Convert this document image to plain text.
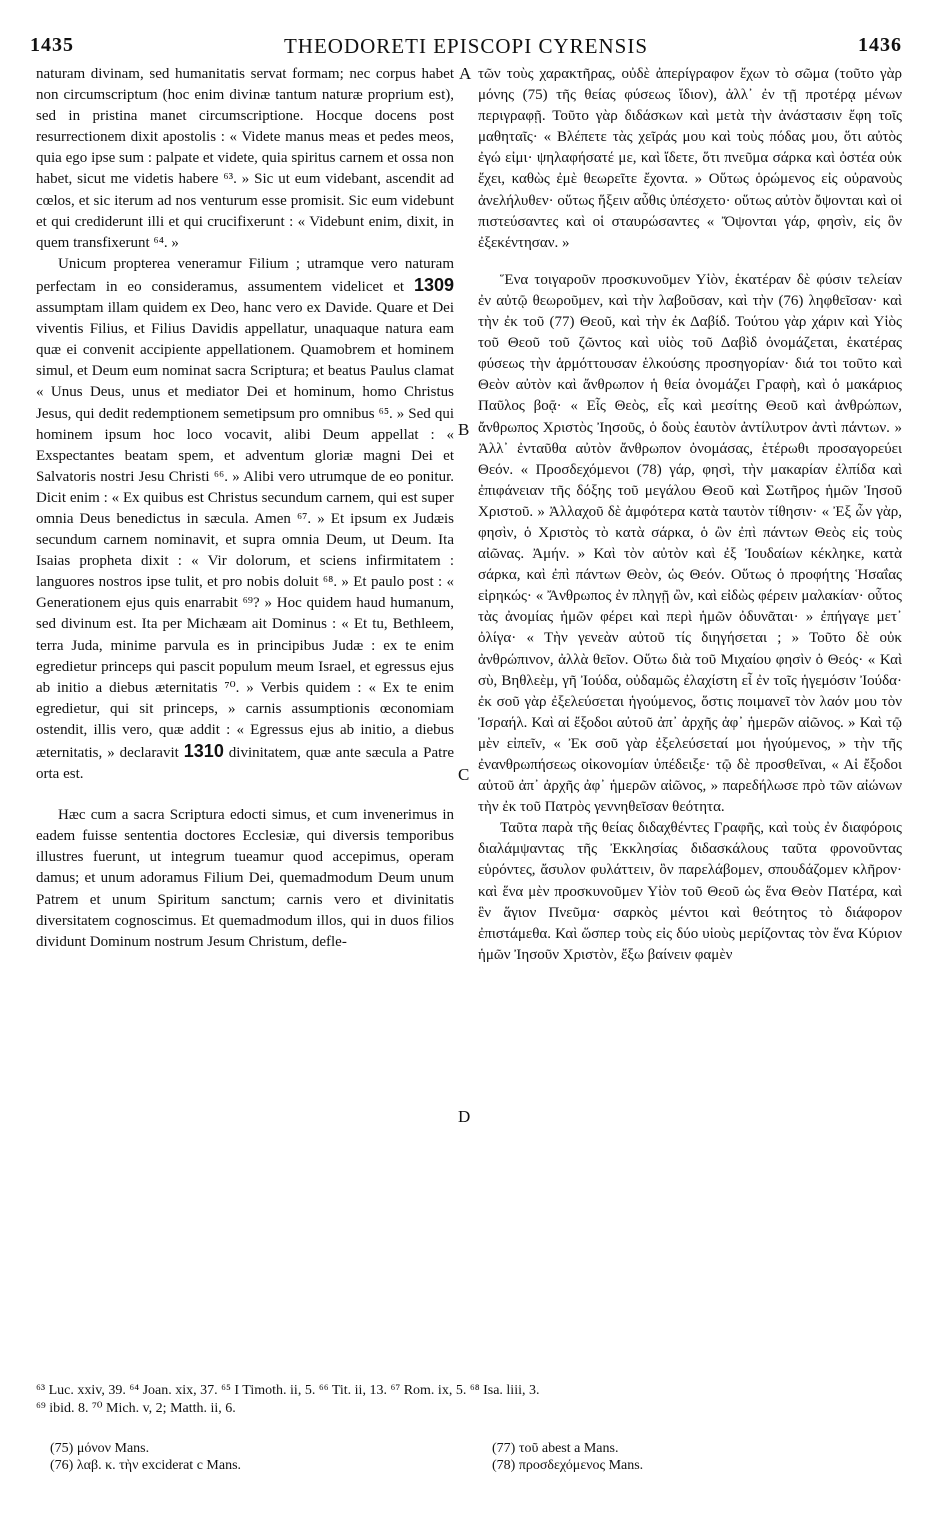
1435	THEODORETI EPISCOPI CYRENSIS	1436

naturam divinam, sed humanitatis servat formam; nec corpus habet non circumscriptum (hoc enim divinæ tantum naturæ proprium est), sed in pristina manet circumscriptione. Hocque docens post resurrectionem dixit apostolis : « Videte manus meas et pedes meos, quia ego ipse sum : palpate et videte, quia spiritus carnem et ossa non habet, sicut me videtis habere ⁶³. » Sic ut eum videbant, ascendit ad cœlos, et sic iterum ad nos venturum esse promisit. Sic eum videbunt et qui crediderunt illi et qui crucifixerunt : « Videbunt enim, dixit, in quem transfixerunt ⁶⁴. »

Unicum propterea veneramur Filium ; utramque vero naturam perfectam in eo consideramus, assumentem videlicet et 1309 assumptam illam quidem ex Deo, hanc vero ex Davide. Quare et Dei viventis Filius, et Filius Davidis appellatur, unaquaque natura eam quæ ei convenit accipiente appellationem. Quamobrem et hominem simul, et Deum eum nominat sacra Scriptura; et beatus Paulus clamat « Unus Deus, unus et mediator Dei et hominum, homo Christus Jesus, qui dedit redemptionem semetipsum pro omnibus ⁶⁵. » Sed qui hominem ipsum hoc loco vocavit, alibi Deum appellat : « Exspectantes beatam spem, et adventum gloriæ magni Dei et Salvatoris nostri Jesu Christi ⁶⁶. » Alibi vero utrumque de eo ponitur. Dicit enim : « Ex quibus est Christus secundum carnem, qui est super omnia Deus benedictus in sæcula. Amen ⁶⁷. » Et ipsum ex Judæis secundum carnem nominavit, et supra omnia Deum, ut Deum. Ita Isaias propheta dixit : « Vir dolorum, et sciens infirmitatem : languores nostros ipse tulit, et pro nobis doluit ⁶⁸. » Et paulo post : « Generationem ejus quis enarrabit ⁶⁹? » Hoc quidem haud humanum, sed divinum est. Ita per Michæam ait Dominus : « Et tu, Bethleem, terra Juda, minime parvula es in principibus Judæ : ex te enim egredietur princeps qui pascit populum meum Israel, et egressus ejus ab initio a diebus æternitatis ⁷⁰. » Verbis quidem : « Ex te enim egredietur, qui sit princeps, » carnis assumptionis œconomiam ostendit, illis vero, quæ addit : « Egressus ejus ab initio, a diebus æternitatis, » declaravit 1310 divinitatem, quæ ante sæcula a Patre orta est.

Hæc cum a sacra Scriptura edocti simus, et cum invenerimus in eadem fuisse sententia doctores Ecclesiæ, qui diversis temporibus illustres fuerunt, ut integrum tueamur quod accepimus, operam damus; et unum adoramus Filium Dei, quemadmodum Deum unum Patrem et unum Spiritum sanctum; carnis vero et divinitatis diversitatem cognoscimus. Et quemadmodum illos, qui in duos filios dividunt Dominum nostrum Jesum Christum, defle-

A
B
C
D

τῶν τοὺς χαρακτῆρας, οὐδὲ ἀπερίγραφον ἔχων τὸ σῶμα (τοῦτο γὰρ μόνης (75) τῆς θείας φύσεως ἴδιον), ἀλλ᾽ ἐν τῇ προτέρᾳ μένων περιγραφῇ. Τοῦτο γὰρ διδάσκων καὶ μετὰ τὴν ἀνάστασιν ἔφη τοῖς μαθηταῖς· « Βλέπετε τὰς χεῖράς μου καὶ τοὺς πόδας μου, ὅτι αὐτὸς ἐγώ εἰμι· ψηλαφήσατέ με, καὶ ἴδετε, ὅτι πνεῦμα σάρκα καὶ ὀστέα οὐκ ἔχει, καθὼς ἐμὲ θεωρεῖτε ἔχοντα. » Οὕτως ὁρώμενος εἰς οὐρανοὺς ἀνελήλυθεν· οὕτως ἥξειν αὖθις ὑπέσχετο· οὕτως αὐτὸν ὄψονται καὶ οἱ πιστεύσαντες καὶ οἱ σταυρώσαντες « Ὄψονται γάρ, φησὶν, εἰς ὃν ἐξεκέντησαν. »

Ἕνα τοιγαροῦν προσκυνοῦμεν Υἱὸν, ἑκατέραν δὲ φύσιν τελείαν ἐν αὐτῷ θεωροῦμεν, καὶ τὴν λαβοῦσαν, καὶ τὴν (76) ληφθεῖσαν· καὶ τὴν ἐκ τοῦ (77) Θεοῦ, καὶ τὴν ἐκ Δαβίδ. Τούτου γὰρ χάριν καὶ Υἱὸς τοῦ Θεοῦ τοῦ ζῶντος καὶ υἱὸς τοῦ Δαβὶδ ὀνομάζεται, ἑκατέρας φύσεως τὴν ἁρμόττουσαν ἑλκούσης προσηγορίαν· διά τοι τοῦτο καὶ Θεὸν αὐτὸν καὶ ἄνθρωπον ἡ θεία ὀνομάζει Γραφὴ, καὶ ὁ μακάριος Παῦλος βοᾷ· « Εἷς Θεὸς, εἷς καὶ μεσίτης Θεοῦ καὶ ἀνθρώπων, ἄνθρωπος Χριστὸς Ἰησοῦς, ὁ δοὺς ἑαυτὸν ἀντίλυτρον ἀντὶ πάντων. » Ἀλλ᾽ ἐνταῦθα αὐτὸν ἄνθρωπον ὀνομάσας, ἑτέρωθι προσαγορεύει Θεόν. « Προσδεχόμενοι (78) γάρ, φησὶ, τὴν μακαρίαν ἐλπίδα καὶ ἐπιφάνειαν τῆς δόξης τοῦ μεγάλου Θεοῦ καὶ Σωτῆρος ἡμῶν Ἰησοῦ Χριστοῦ. » Ἀλλαχοῦ δὲ ἀμφότερα κατὰ ταυτὸν τίθησιν· « Ἐξ ὧν γὰρ, φησὶν, ὁ Χριστὸς τὸ κατὰ σάρκα, ὁ ὢν ἐπὶ πάντων Θεὸς εἰς τοὺς αἰῶνας. Ἀμήν. » Καὶ τὸν αὐτὸν καὶ ἐξ Ἰουδαίων κέκληκε, κατὰ σάρκα, καὶ ἐπὶ πάντων Θεὸν, ὡς Θεόν. Οὕτως ὁ προφήτης Ἡσαΐας εἰρηκώς· « Ἄνθρωπος ἐν πληγῇ ὢν, καὶ εἰδὼς φέρειν μαλακίαν· οὗτος τὰς ἀνομίας ἡμῶν φέρει καὶ περὶ ἡμῶν ὀδυνᾶται· » ἐπήγαγε μετ᾽ ὀλίγα· « Τὴν γενεὰν αὐτοῦ τίς διηγήσεται ; » Τοῦτο δὲ οὐκ ἀνθρώπινον, ἀλλὰ θεῖον. Οὕτω διὰ τοῦ Μιχαίου φησὶν ὁ Θεός· « Καὶ σὺ, Βηθλεὲμ, γῆ Ἰούδα, οὐδαμῶς ἐλαχίστη εἶ ἐν τοῖς ἡγεμόσιν Ἰούδα· ἐκ σοῦ γὰρ ἐξελεύσεται ἡγούμενος, ὅστις ποιμανεῖ τὸν λαόν μου τὸν Ἰσραήλ. Καὶ αἱ ἔξοδοι αὐτοῦ ἀπ᾽ ἀρχῆς ἀφ᾽ ἡμερῶν αἰῶνος. » Καὶ τῷ μὲν εἰπεῖν, « Ἐκ σοῦ γὰρ ἐξελεύσεταί μοι ἡγούμενος, » τὴν τῆς ἐνανθρωπήσεως οἰκονομίαν ὑπέδειξε· τῷ δὲ προσθεῖναι, « Αἱ ἔξοδοι αὐτοῦ ἀπ᾽ ἀρχῆς ἀφ᾽ ἡμερῶν αἰῶνος, » παρεδήλωσε πρὸ τῶν αἰώνων τὴν ἐκ τοῦ Πατρὸς γεννηθεῖσαν θεότητα.

Ταῦτα παρὰ τῆς θείας διδαχθέντες Γραφῆς, καὶ τοὺς ἐν διαφόροις διαλάμψαντας τῆς Ἐκκλησίας διδασκάλους ταῦτα φρονοῦντας εὑρόντες, ἄσυλον φυλάττειν, ὃν παρελάβομεν, σπουδάζομεν κλῆρον· καὶ ἕνα μὲν προσκυνοῦμεν Υἱὸν τοῦ Θεοῦ ὡς ἕνα Θεὸν Πατέρα, καὶ ἓν ἅγιον Πνεῦμα· σαρκὸς μέντοι καὶ θεότητος τὸ διάφορον ἐπιστάμεθα. Καὶ ὥσπερ τοὺς εἰς δύο υἱοὺς μερίζοντας τὸν ἕνα Κύριον ἡμῶν Ἰησοῦν Χριστὸν, ἔξω βαίνειν φαμὲν

⁶³ Luc. xxiv, 39. ⁶⁴ Joan. xix, 37. ⁶⁵ I Timoth. ii, 5. ⁶⁶ Tit. ii, 13. ⁶⁷ Rom. ix, 5. ⁶⁸ Isa. liii, 3.
⁶⁹ ibid. 8. ⁷⁰ Mich. v, 2; Matth. ii, 6.
(75) μόνον Mans.
(76) λαβ. κ. τὴν exciderat c Mans.
(77) τοῦ abest a Mans.
(78) προσδεχόμενος Mans.
